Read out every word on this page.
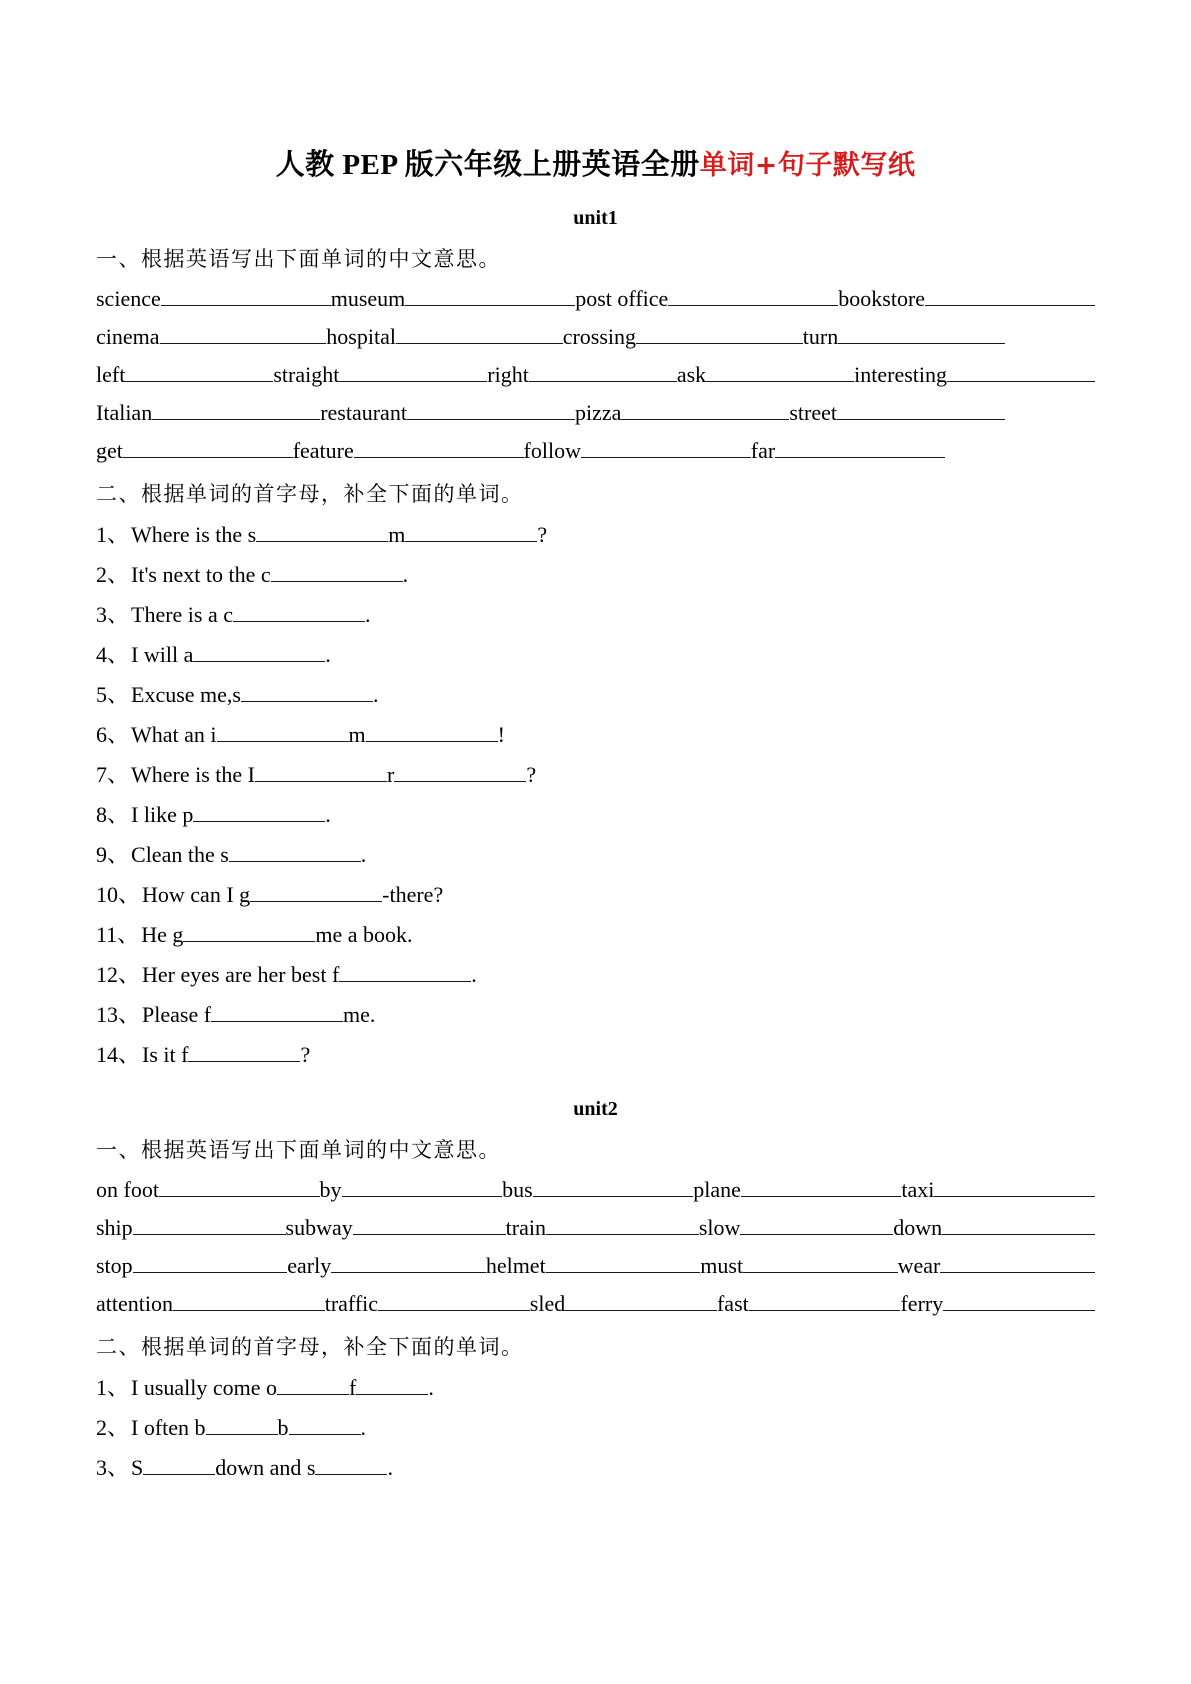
人教 PEP 版六年级上册英语全册单词+句子默写纸
unit1
一、根据英语写出下面单词的中文意思。
science	museum	post office	bookstore
cinema	hospital	crossing	turn
left	straight	right	ask	interesting
Italian	restaurant	pizza	street
get	feature	follow	far
二、根据单词的首字母，补全下面的单词。
1、 Where is the s	m	?
2、 It's next to the c	.
3、 There is a c	.
4、 I will a	.
5、 Excuse me,s	.
6、 What an i	m	!
7、 Where is the I	r	?
8、 I like p	.
9、 Clean the s	.
10、 How can I g	-there?
11、 He g	me a book.
12、 Her eyes are her best f	.
13、 Please f	me.
14、 Is it f	?
unit2
一、根据英语写出下面单词的中文意思。
on foot	by	bus	plane	taxi
ship	subway	train	slow	down
stop	early	helmet	must	wear
attention	traffic	sled	fast	ferry
二、根据单词的首字母，补全下面的单词。
1、 I usually come o	f	.
2、 I often b	b	.
3、 S	down and s	.
